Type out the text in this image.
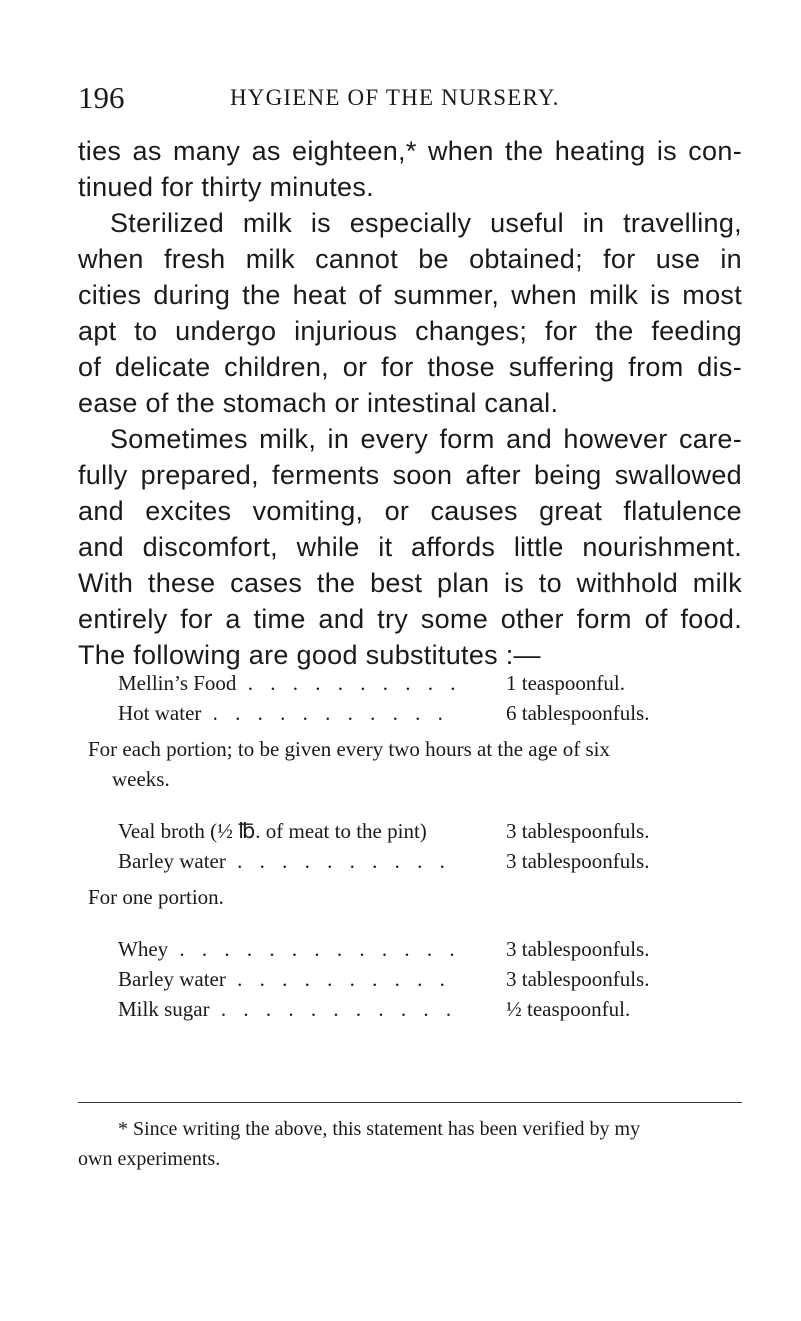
196	HYGIENE OF THE NURSERY.
ties as many as eighteen,* when the heating is con-
tinued for thirty minutes.
Sterilized milk is especially useful in travelling,
when fresh milk cannot be obtained; for use in
cities during the heat of summer, when milk is most
apt to undergo injurious changes; for the feeding
of delicate children, or for those suffering from dis-
ease of the stomach or intestinal canal.
Sometimes milk, in every form and however care-
fully prepared, ferments soon after being swallowed
and excites vomiting, or causes great flatulence
and discomfort, while it affords little nourishment.
With these cases the best plan is to withhold milk
entirely for a time and try some other form of food.
The following are good substitutes :—
Mellin’s Food . . . . . . . . . . 1 teaspoonful.
Hot water . . . . . . . . . . .	6 tablespoonfuls.
For each portion; to be given every two hours at the age of six
weeks.
Veal broth (½ ℔. of meat to the pint)	3 tablespoonfuls.
Barley water . . . . . . . . . .	3 tablespoonfuls.
For one portion.
Whey . . . . . . . . . . . . . 3 tablespoonfuls.
Barley water . . . . . . . . . .	3 tablespoonfuls.
Milk sugar . . . . . . . . . . . ½ teaspoonful.
* Since writing the above, this statement has been verified by my
own experiments.
